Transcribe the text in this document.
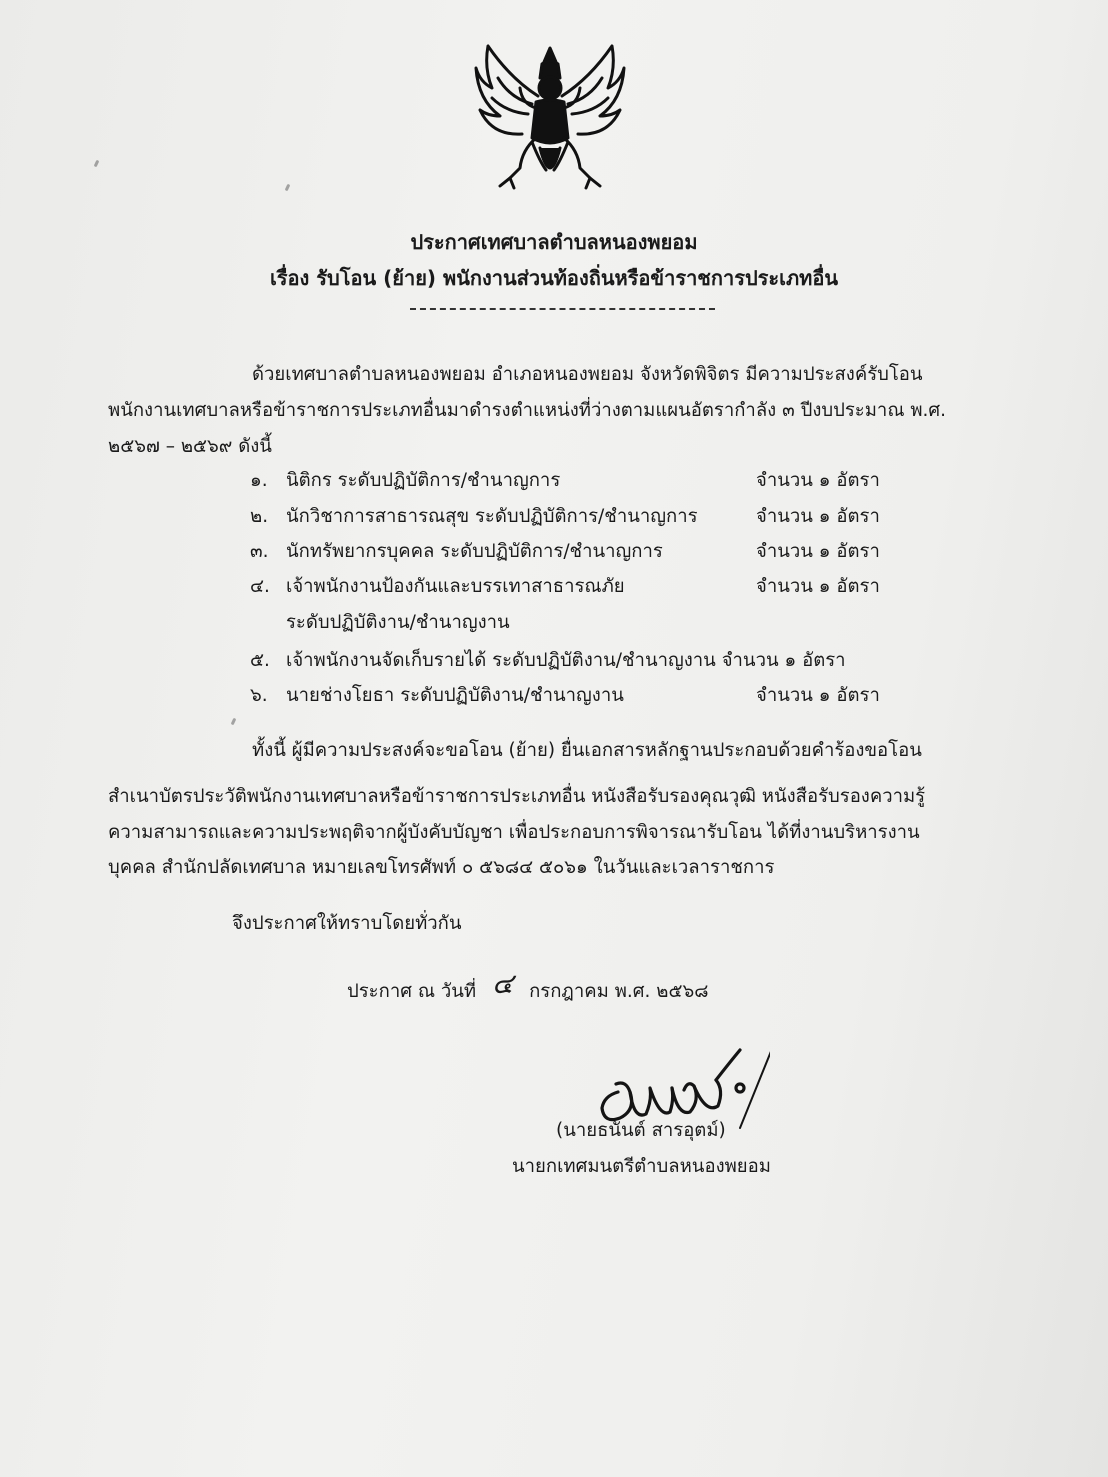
ประกาศเทศบาลตำบลหนองพยอม
เรื่อง รับโอน (ย้าย) พนักงานส่วนท้องถิ่นหรือข้าราชการประเภทอื่น
ด้วยเทศบาลตำบลหนองพยอม อำเภอหนองพยอม จังหวัดพิจิตร มีความประสงค์รับโอน
พนักงานเทศบาลหรือข้าราชการประเภทอื่นมาดำรงตำแหน่งที่ว่างตามแผนอัตรากำลัง ๓ ปีงบประมาณ พ.ศ.
๒๕๖๗ – ๒๕๖๙ ดังนี้
๑. นิติกร ระดับปฏิบัติการ/ชำนาญการ	จำนวน ๑ อัตรา
๒. นักวิชาการสาธารณสุข ระดับปฏิบัติการ/ชำนาญการ	จำนวน ๑ อัตรา
๓. นักทรัพยากรบุคคล ระดับปฏิบัติการ/ชำนาญการ	จำนวน ๑ อัตรา
๔. เจ้าพนักงานป้องกันและบรรเทาสาธารณภัย	จำนวน ๑ อัตรา
ระดับปฏิบัติงาน/ชำนาญงาน
๕. เจ้าพนักงานจัดเก็บรายได้ ระดับปฏิบัติงาน/ชำนาญงาน จำนวน ๑ อัตรา
๖. นายช่างโยธา ระดับปฏิบัติงาน/ชำนาญงาน	จำนวน ๑ อัตรา
ทั้งนี้ ผู้มีความประสงค์จะขอโอน (ย้าย) ยื่นเอกสารหลักฐานประกอบด้วยคำร้องขอโอน
สำเนาบัตรประวัติพนักงานเทศบาลหรือข้าราชการประเภทอื่น หนังสือรับรองคุณวุฒิ หนังสือรับรองความรู้
ความสามารถและความประพฤติจากผู้บังคับบัญชา เพื่อประกอบการพิจารณารับโอน ได้ที่งานบริหารงาน
บุคคล สำนักปลัดเทศบาล หมายเลขโทรศัพท์ ๐ ๕๖๘๔ ๕๐๖๑ ในวันและเวลาราชการ
จึงประกาศให้ทราบโดยทั่วกัน
ประกาศ ณ วันที่ ๔ กรกฎาคม พ.ศ. ๒๕๖๘
(นายธนันต์ สารอุตม์)
นายกเทศมนตรีตำบลหนองพยอม
